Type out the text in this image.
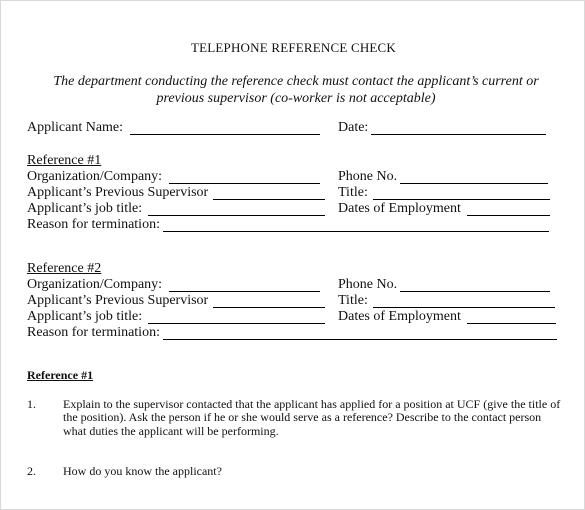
TELEPHONE REFERENCE CHECK
The department conducting the reference check must contact the applicant’s current or previous supervisor (co-worker is not acceptable)
Applicant Name:	Date:
Reference #1
Organization/Company:	Phone No.
Applicant’s Previous Supervisor	Title:
Applicant’s job title:	Dates of Employment
Reason for termination:
Reference #2
Organization/Company:	Phone No.
Applicant’s Previous Supervisor	Title:
Applicant’s job title:	Dates of Employment
Reason for termination:
Reference #1
1. Explain to the supervisor contacted that the applicant has applied for a position at UCF (give the title of
the position). Ask the person if he or she would serve as a reference? Describe to the contact person
what duties the applicant will be performing.
2. How do you know the applicant?
